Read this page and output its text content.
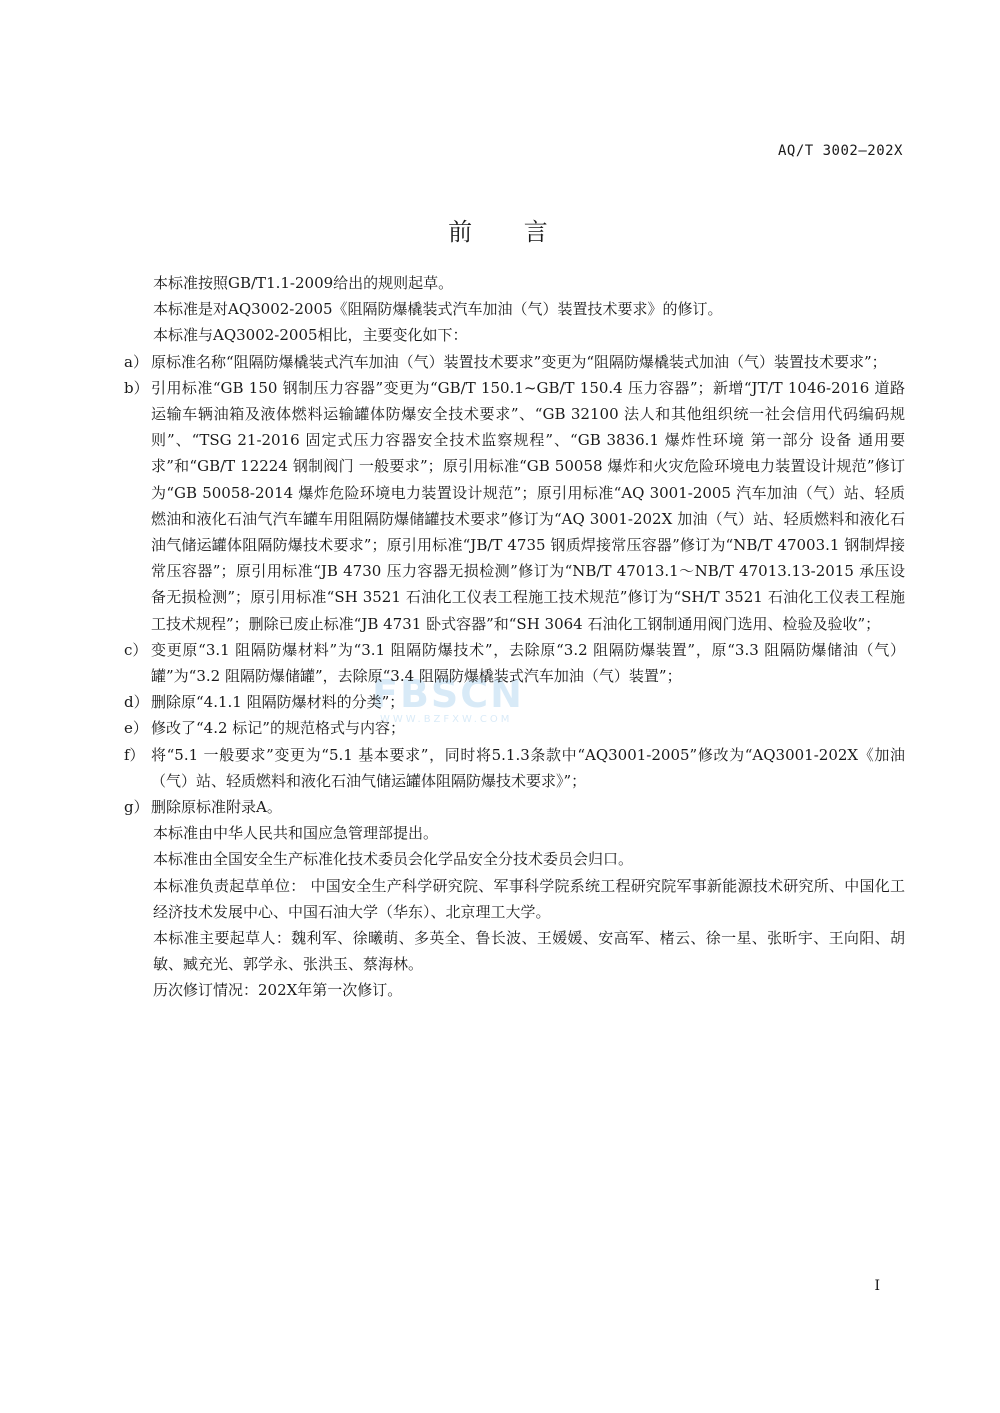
AQ/T 3002—202X
前 言
FBSCN
WWW.BZFXW.COM

本标准按照GB/T1.1-2009给出的规则起草。

本标准是对AQ3002-2005《阻隔防爆橇装式汽车加油（气）装置技术要求》的修订。

本标准与AQ3002-2005相比，主要变化如下：

a） 原标准名称“阻隔防爆橇装式汽车加油（气）装置技术要求”变更为“阻隔防爆橇装式加油（气）装置技术要求”；
b） 引用标准“GB 150 钢制压力容器”变更为“GB/T 150.1~GB/T 150.4 压力容器”；新增“JT/T 1046-2016 道路运输车辆油箱及液体燃料运输罐体防爆安全技术要求”、“GB 32100 法人和其他组织统一社会信用代码编码规则”、“TSG 21-2016 固定式压力容器安全技术监察规程”、“GB 3836.1 爆炸性环境 第一部分 设备 通用要求”和“GB/T 12224 钢制阀门 一般要求”；原引用标准“GB 50058 爆炸和火灾危险环境电力装置设计规范”修订为“GB 50058-2014 爆炸危险环境电力装置设计规范”；原引用标准“AQ 3001-2005 汽车加油（气）站、轻质燃油和液化石油气汽车罐车用阻隔防爆储罐技术要求”修订为“AQ 3001-202X 加油（气）站、轻质燃料和液化石油气储运罐体阻隔防爆技术要求”；原引用标准“JB/T 4735 钢质焊接常压容器”修订为“NB/T 47003.1 钢制焊接常压容器”；原引用标准“JB 4730 压力容器无损检测”修订为“NB/T 47013.1～NB/T 47013.13-2015 承压设备无损检测”；原引用标准“SH 3521 石油化工仪表工程施工技术规范”修订为“SH/T 3521 石油化工仪表工程施工技术规程”；删除已废止标准“JB 4731 卧式容器”和“SH 3064 石油化工钢制通用阀门选用、检验及验收”；
c） 变更原“3.1 阻隔防爆材料”为“3.1 阻隔防爆技术”，去除原“3.2 阻隔防爆装置”，原“3.3 阻隔防爆储油（气）罐”为“3.2 阻隔防爆储罐”，去除原“3.4 阻隔防爆橇装式汽车加油（气）装置”；
d） 删除原“4.1.1 阻隔防爆材料的分类”；
e） 修改了“4.2 标记”的规范格式与内容；
f） 将“5.1 一般要求”变更为“5.1 基本要求”，同时将5.1.3条款中“AQ3001-2005”修改为“AQ3001-202X《加油（气）站、轻质燃料和液化石油气储运罐体阻隔防爆技术要求》”；
g） 删除原标准附录A。

本标准由中华人民共和国应急管理部提出。

本标准由全国安全生产标准化技术委员会化学品安全分技术委员会归口。

本标准负责起草单位： 中国安全生产科学研究院、军事科学院系统工程研究院军事新能源技术研究所、中国化工经济技术发展中心、中国石油大学（华东）、北京理工大学。

本标准主要起草人：魏利军、徐曦萌、多英全、鲁长波、王媛媛、安高军、楮云、徐一星、张昕宇、王向阳、胡敏、臧充光、郭学永、张洪玉、蔡海林。

历次修订情况：202X年第一次修订。

I
